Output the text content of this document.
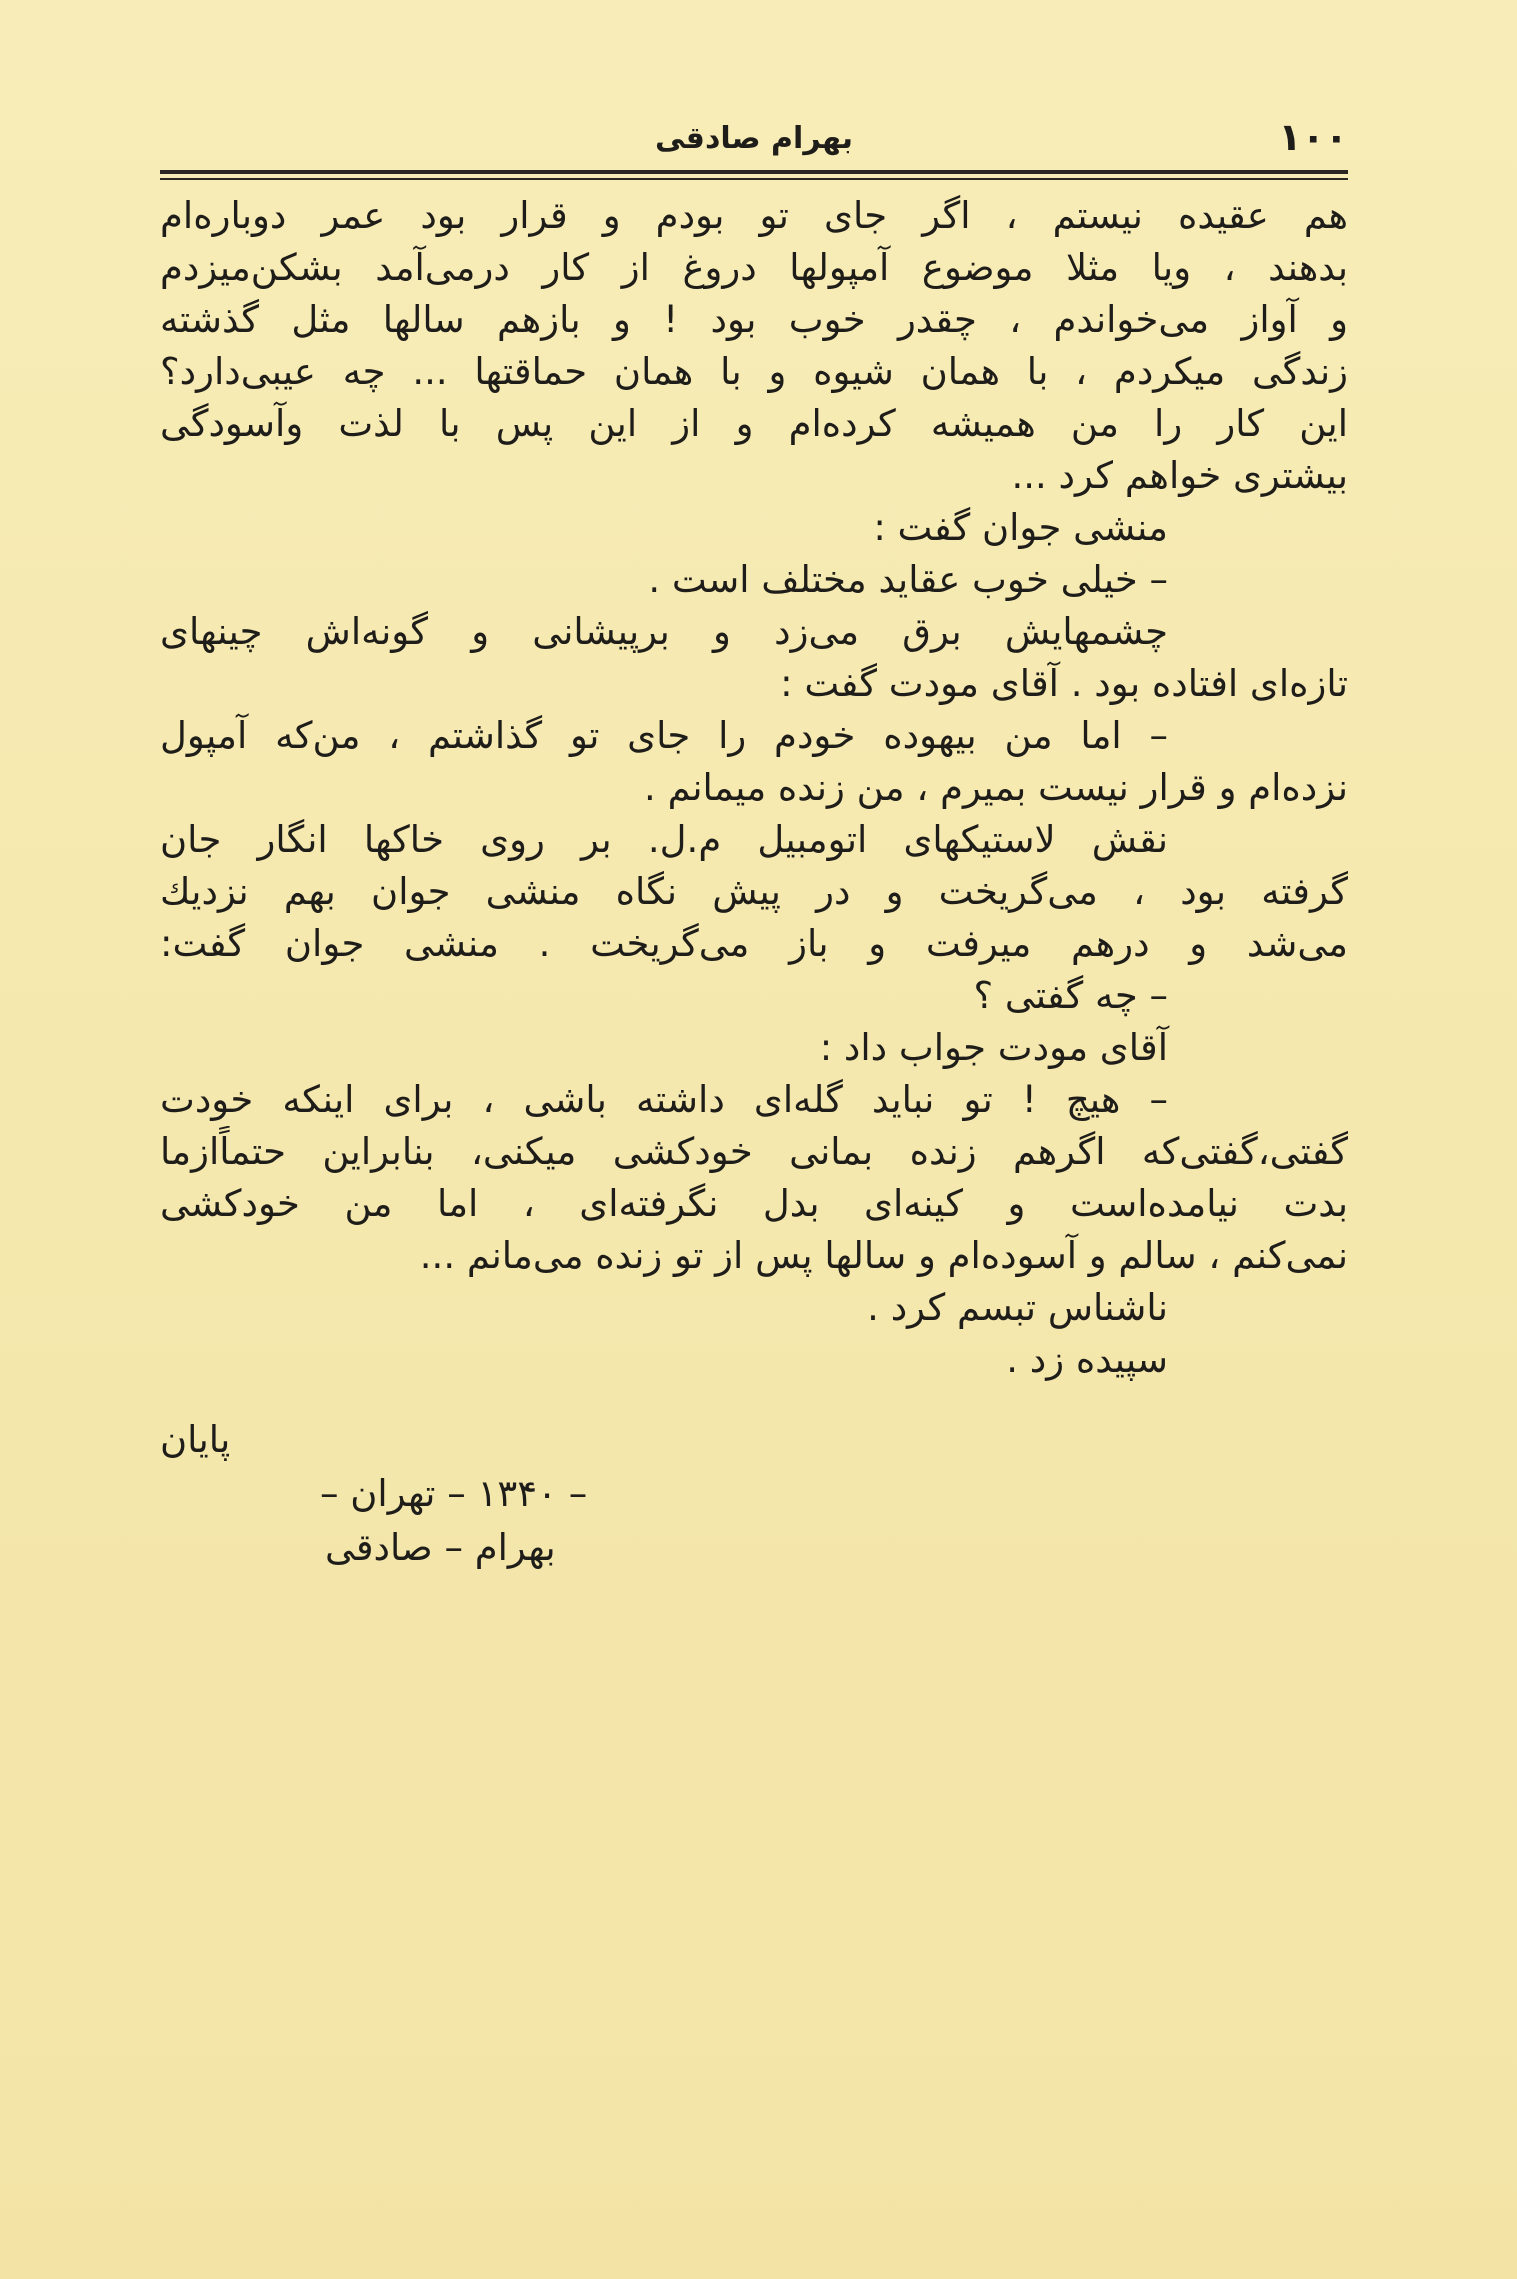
۱۰۰
بهرام صادقی
هم عقیده نیستم ، اگر جای تو بودم و قرار بود عمر دوباره‌ام
بدهند ، ویا مثلا موضوع آمپولها دروغ از کار درمی‌آمد بشکن‌میزدم
و آواز می‌خواندم ، چقدر خوب بود ! و بازهم سالها مثل گذشته
زندگی میکردم ، با همان شیوه و با همان حماقتها ... چه عیبی‌دارد؟
این کار را من همیشه کرده‌ام و از این پس با لذت وآسودگی
بیشتری خواهم کرد ...
منشی جوان گفت :
– خیلی خوب عقاید مختلف است .
چشمهایش برق می‌زد و برپیشانی و گونه‌اش چینهای
تازه‌ای افتاده بود . آقای مودت گفت :
– اما من بیهوده خودم را جای تو گذاشتم ، من‌که آمپول
نزده‌ام و قرار نیست بمیرم ، من زنده میمانم .
نقش لاستیکهای اتومبیل م.ل. بر روی خاکها انگار جان
گرفته بود ، می‌گریخت و در پیش نگاه منشی جوان بهم نزدیك
می‌شد و درهم میرفت و باز می‌گریخت . منشی جوان گفت:
– چه گفتی ؟
آقای مودت جواب داد :
– هیچ ! تو نباید گله‌ای داشته باشی ، برای اینکه خودت
گفتی،گفتی‌که اگرهم زنده بمانی خودکشی میکنی، بنابراین حتماًازما
بدت نیامده‌است و کینه‌ای بدل نگرفته‌ای ، اما من خودکشی
نمی‌کنم ، سالم و آسوده‌ام و سالها پس از تو زنده می‌مانم ...
ناشناس تبسم کرد .
سپیده زد .
پایان
– ۱۳۴۰ – تهران –
بهرام – صادقی
